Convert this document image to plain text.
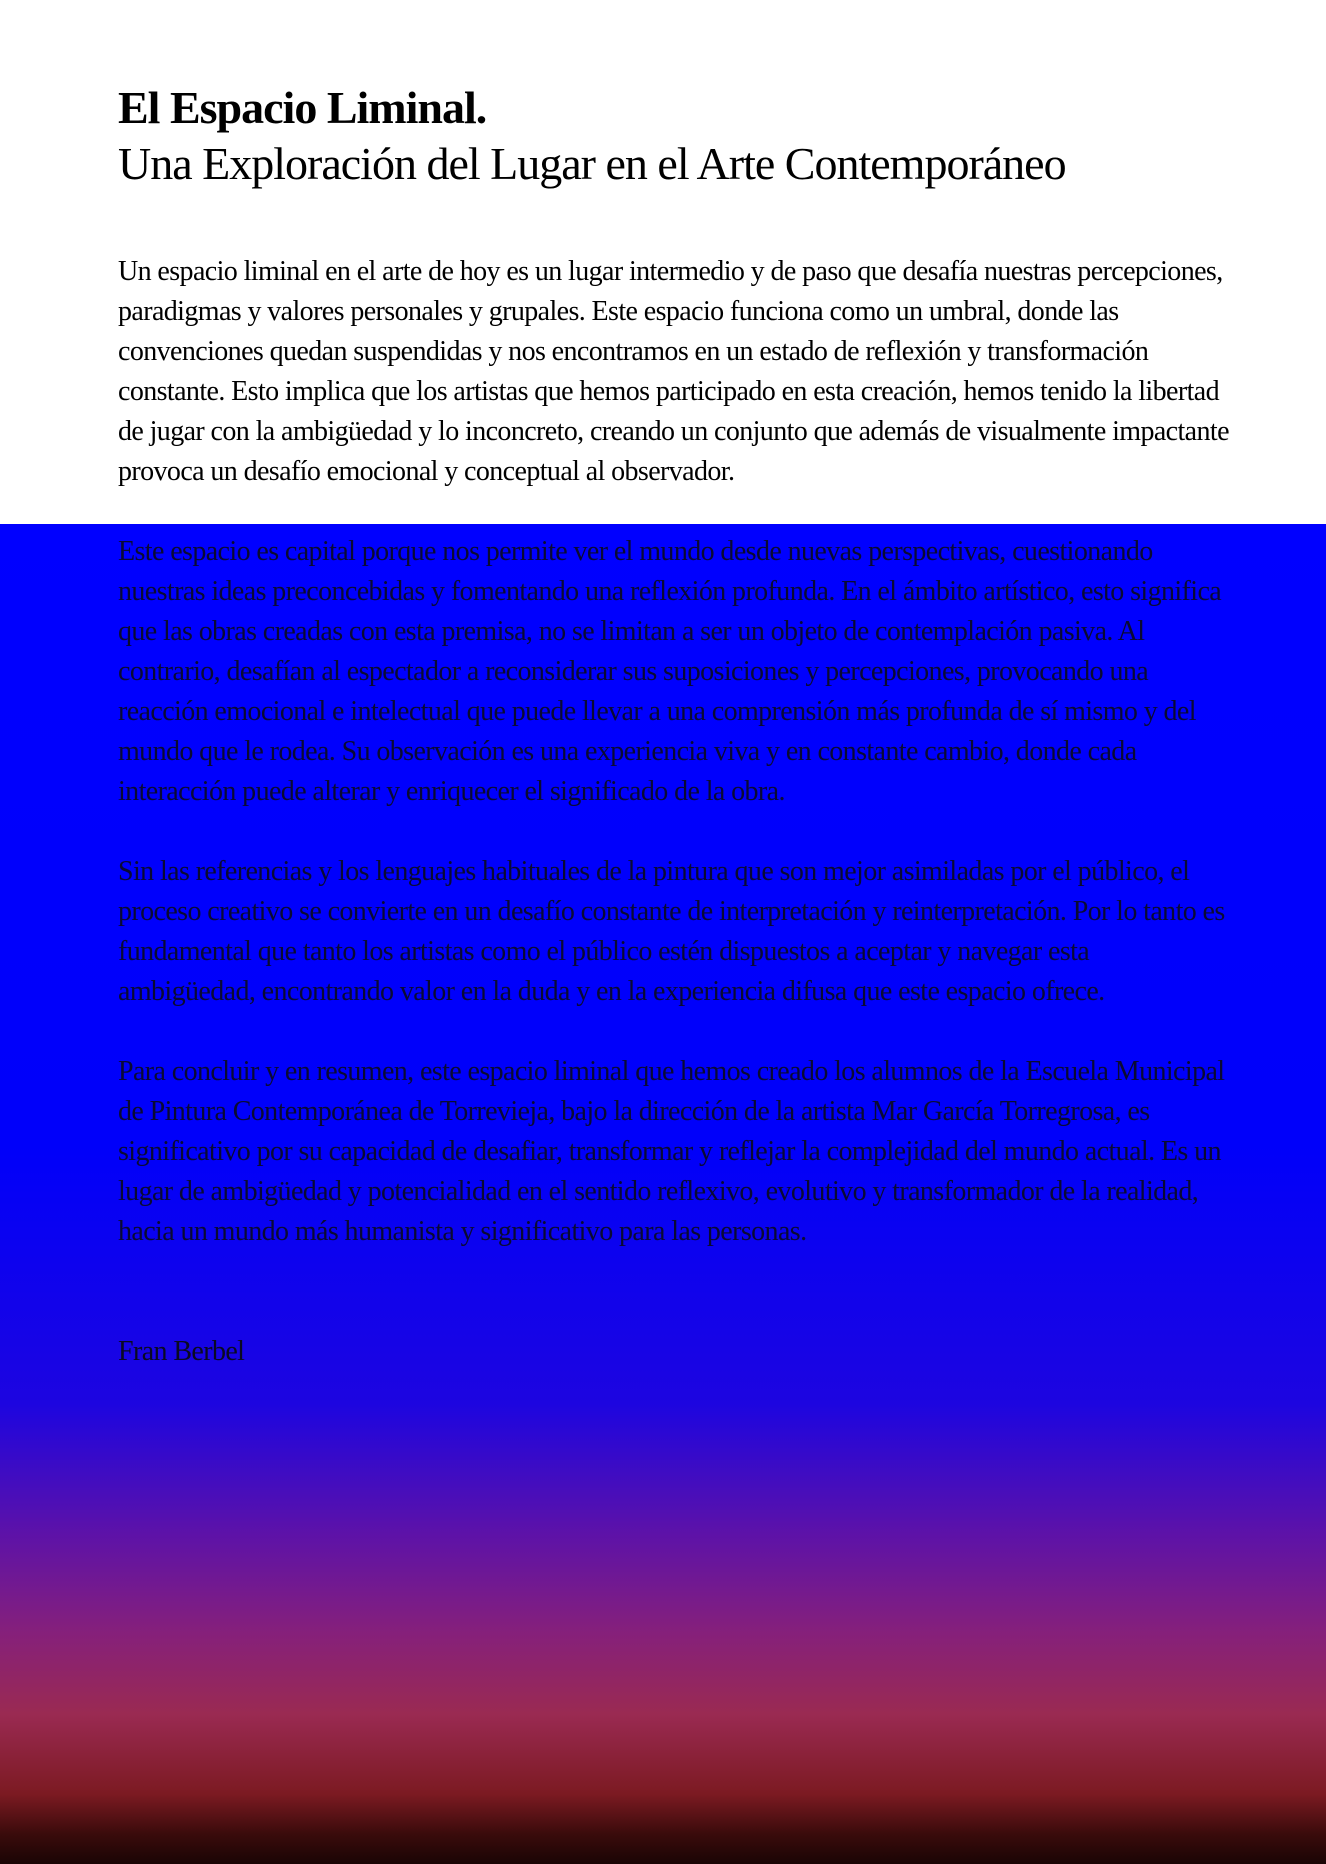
El Espacio Liminal.
Una Exploración del Lugar en el Arte Contemporáneo

Un espacio liminal en el arte de hoy es un lugar intermedio y de paso que desafía nuestras percepciones, paradigmas y valores personales y grupales. Este espacio funciona como un umbral, donde las convenciones quedan suspendidas y nos encontramos en un estado de reflexión y transformación constante. Esto implica que los artistas que hemos participado en esta creación, hemos tenido la libertad de jugar con la ambigüedad y lo inconcreto, creando un conjunto que además de visualmente impactante provoca un desafío emocional y conceptual al observador.

Este espacio es capital porque nos permite ver el mundo desde nuevas perspectivas, cuestionando nuestras ideas preconcebidas y fomentando una reflexión profunda. En el ámbito artístico, esto significa que las obras creadas con esta premisa, no se limitan a ser un objeto de contemplación pasiva. Al contrario, desafían al espectador a reconsiderar sus suposiciones y percepciones, provocando una reacción emocional e intelectual que puede llevar a una comprensión más profunda de sí mismo y del mundo que le rodea. Su observación es una experiencia viva y en constante cambio, donde cada interacción puede alterar y enriquecer el significado de la obra.

Sin las referencias y los lenguajes habituales de la pintura que son mejor asimiladas por el público, el proceso creativo se convierte en un desafío constante de interpretación y reinterpretación. Por lo tanto es fundamental que tanto los artistas como el público estén dispuestos a aceptar y navegar esta ambigüedad, encontrando valor en la duda y en la experiencia difusa que este espacio ofrece.

Para concluir y en resumen, este espacio liminal que hemos creado los alumnos de la Escuela Municipal de Pintura Contemporánea de Torrevieja, bajo la dirección de la artista Mar García Torregrosa, es significativo por su capacidad de desafiar, transformar y reflejar la complejidad del mundo actual. Es un lugar de ambigüedad y potencialidad en el sentido reflexivo, evolutivo y transformador de la realidad, hacia un mundo más humanista y significativo para las personas.

Fran Berbel
